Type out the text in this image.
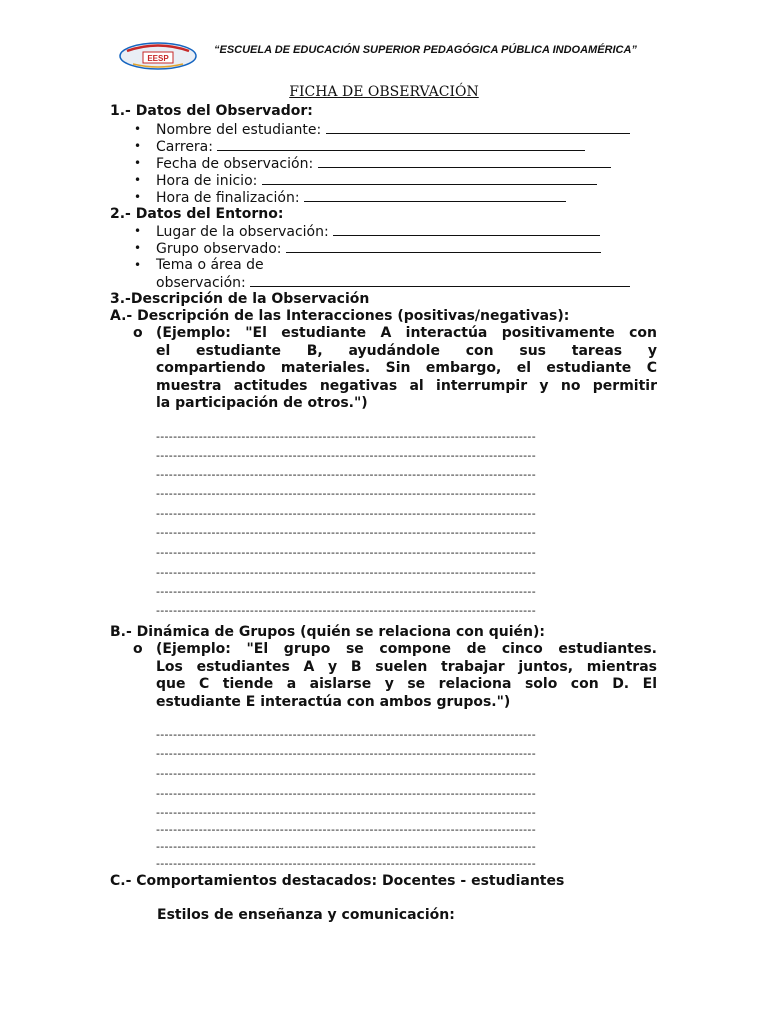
EESP
“ESCUELA DE EDUCACIÓN SUPERIOR PEDAGÓGICA PÚBLICA INDOAMÉRICA”
FICHA DE OBSERVACIÓN
1.- Datos del Observador:
• Nombre del estudiante:
• Carrera:
• Fecha de observación:
• Hora de inicio:
• Hora de finalización:
2.- Datos del Entorno:
• Lugar de la observación:
• Grupo observado:
• Tema o área de
observación:
3.-Descripción de la Observación
A.- Descripción de las Interacciones (positivas/negativas):
o (Ejemplo: "El estudiante A interactúa positivamente con
el estudiante B, ayudándole con sus tareas y
compartiendo materiales. Sin embargo, el estudiante C
muestra actitudes negativas al interrumpir y no permitir
la participación de otros.")
-----------------------------------------------------------------------------------------
-----------------------------------------------------------------------------------------
-----------------------------------------------------------------------------------------
-----------------------------------------------------------------------------------------
-----------------------------------------------------------------------------------------
-----------------------------------------------------------------------------------------
-----------------------------------------------------------------------------------------
-----------------------------------------------------------------------------------------
-----------------------------------------------------------------------------------------
-----------------------------------------------------------------------------------------
B.- Dinámica de Grupos (quién se relaciona con quién):
o (Ejemplo: "El grupo se compone de cinco estudiantes.
Los estudiantes A y B suelen trabajar juntos, mientras
que C tiende a aislarse y se relaciona solo con D. El
estudiante E interactúa con ambos grupos.")
-----------------------------------------------------------------------------------------
-----------------------------------------------------------------------------------------
-----------------------------------------------------------------------------------------
-----------------------------------------------------------------------------------------
-----------------------------------------------------------------------------------------
-----------------------------------------------------------------------------------------
-----------------------------------------------------------------------------------------
-----------------------------------------------------------------------------------------
C.- Comportamientos destacados: Docentes - estudiantes
Estilos de enseñanza y comunicación:
